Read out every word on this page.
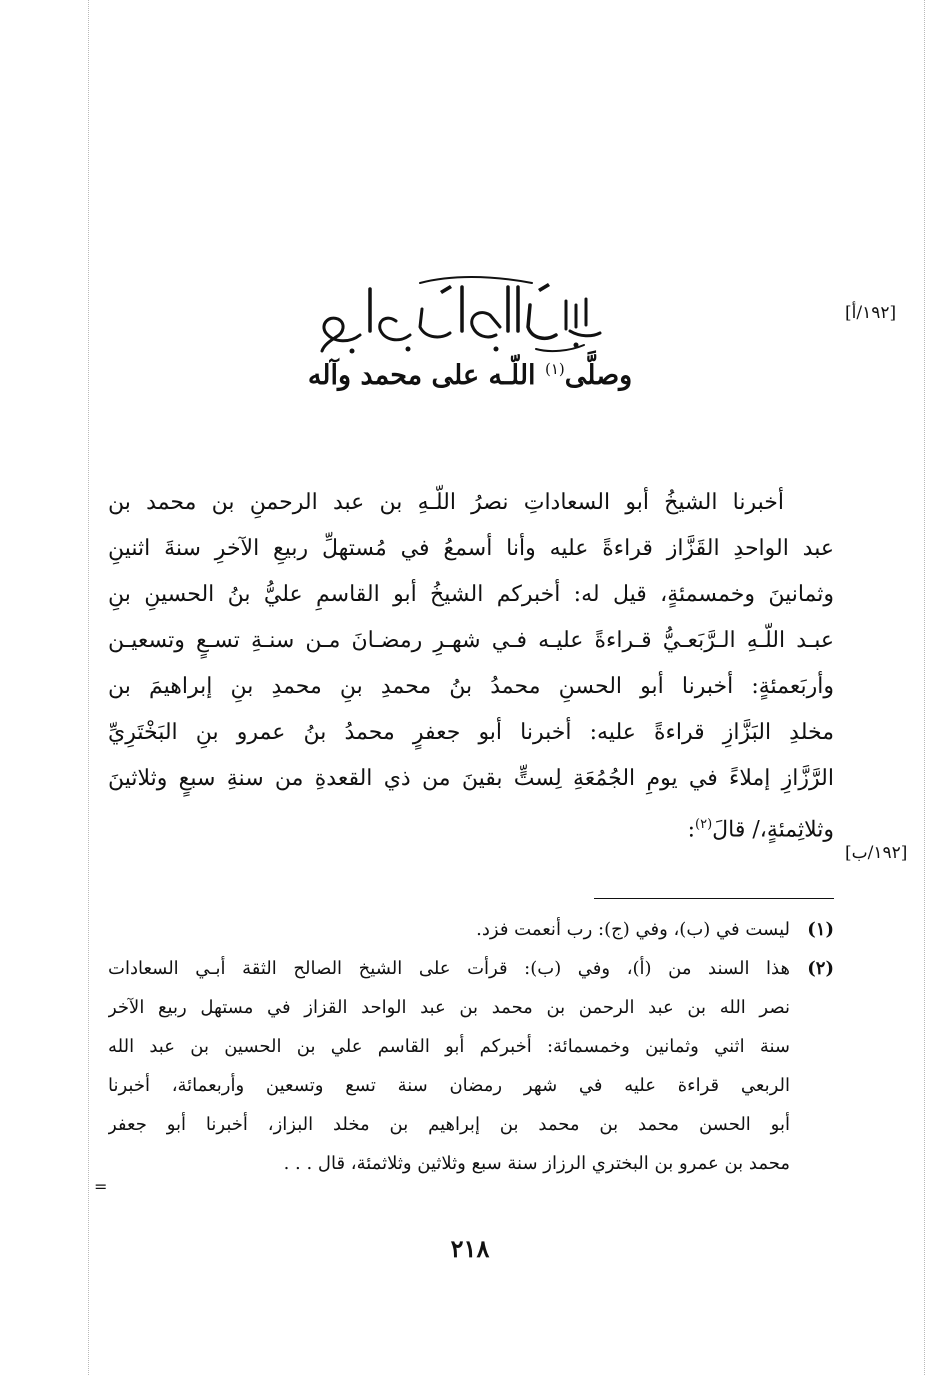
وصلَّى$^{(١)}$ اللّـه على محمد وآله
[١٩٢/أ]
[١٩٢/ب]
أخبرنا الشيخُ أبو السعاداتِ نصرُ اللّـهِ بن عبد الرحمنِ بن محمد بن
عبد الواحدِ القَزَّاز قراءةً عليه وأنا أسمعُ في مُستهلِّ ربيعِ الآخرِ سنةَ اثنينِ
وثمانينَ وخمسمئةٍ، قيل له: أخبركم الشيخُ أبو القاسمِ عليُّ بنُ الحسينِ بنِ
عبـد اللّـهِ الـرَّبَعـيُّ قـراءةً عليـه فـي شهـرِ رمضـانَ مـن سنـةِ تسـعٍ وتسعيـن
وأربَعمئةٍ: أخبرنا أبو الحسنِ محمدُ بنُ محمدِ بنِ محمدِ بنِ إبراهيمَ بن
مخلدِ البَزَّازِ قراءةً عليه: أخبرنا أبو جعفرٍ محمدُ بنُ عمرو بنِ البَخْتَرِيِّ
الرَّزَّازِ إملاءً في يومِ الجُمُعَةِ لِستٍّ بقينَ من ذي القعدةِ من سنةِ سبعٍ وثلاثينَ
وثلاثِمئةٍ،/ قالَ$^{(٢)}$:
(١)
ليست في (ب)، وفي (ج): رب أنعمت فزد.
(٢)
هذا السند من (أ)، وفي (ب): قرأت على الشيخ الصالح الثقة أبـي السعادات
نصر الله بن عبد الرحمن بن محمد بن عبد الواحد القزاز في مستهل ربيع الآخر
سنة اثني وثمانين وخمسمائة: أخبركم أبو القاسم علي بن الحسين بن عبد الله
الربعي قراءة عليه في شهر رمضان سنة تسع وتسعين وأربعمائة، أخبرنا
أبو الحسن محمد بن محمد بن إبراهيم بن مخلد البزاز، أخبرنا أبو جعفر
محمد بن عمرو بن البختري الرزاز سنة سبع وثلاثين وثلاثمئة، قال . . .
=
٢١٨
